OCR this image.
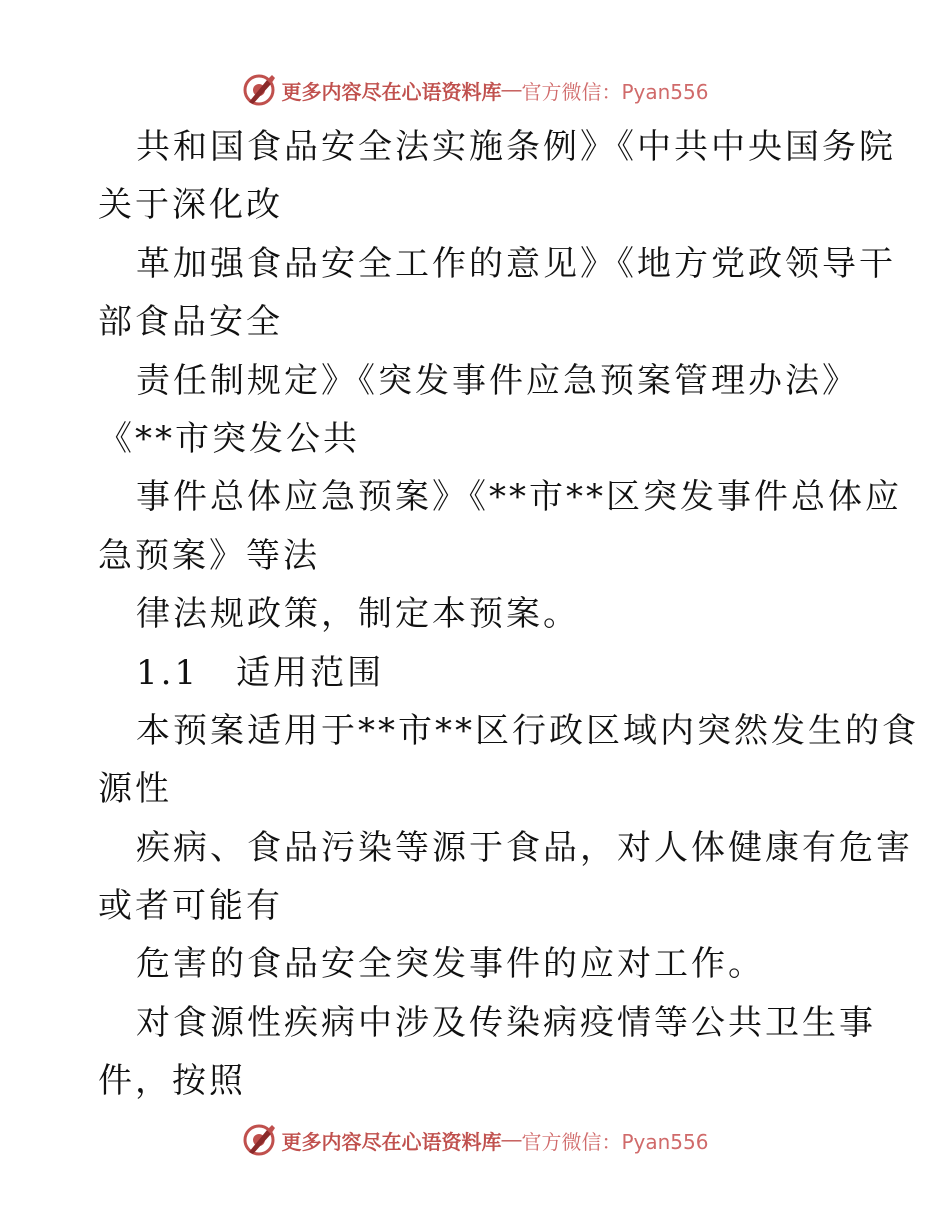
更多内容尽在心语资料库 — 官方微信：Pyan556
共和国食品安全法实施条例》《中共中央国务院
关于深化改
革加强食品安全工作的意见》《地方党政领导干
部食品安全
责任制规定》《突发事件应急预案管理办法》
《**市突发公共
事件总体应急预案》《**市**区突发事件总体应
急预案》等法
律法规政策，制定本预案。
1.1　适用范围
本预案适用于**市**区行政区域内突然发生的食
源性
疾病、食品污染等源于食品，对人体健康有危害
或者可能有
危害的食品安全突发事件的应对工作。
对食源性疾病中涉及传染病疫情等公共卫生事
件，按照
更多内容尽在心语资料库 — 官方微信：Pyan556
